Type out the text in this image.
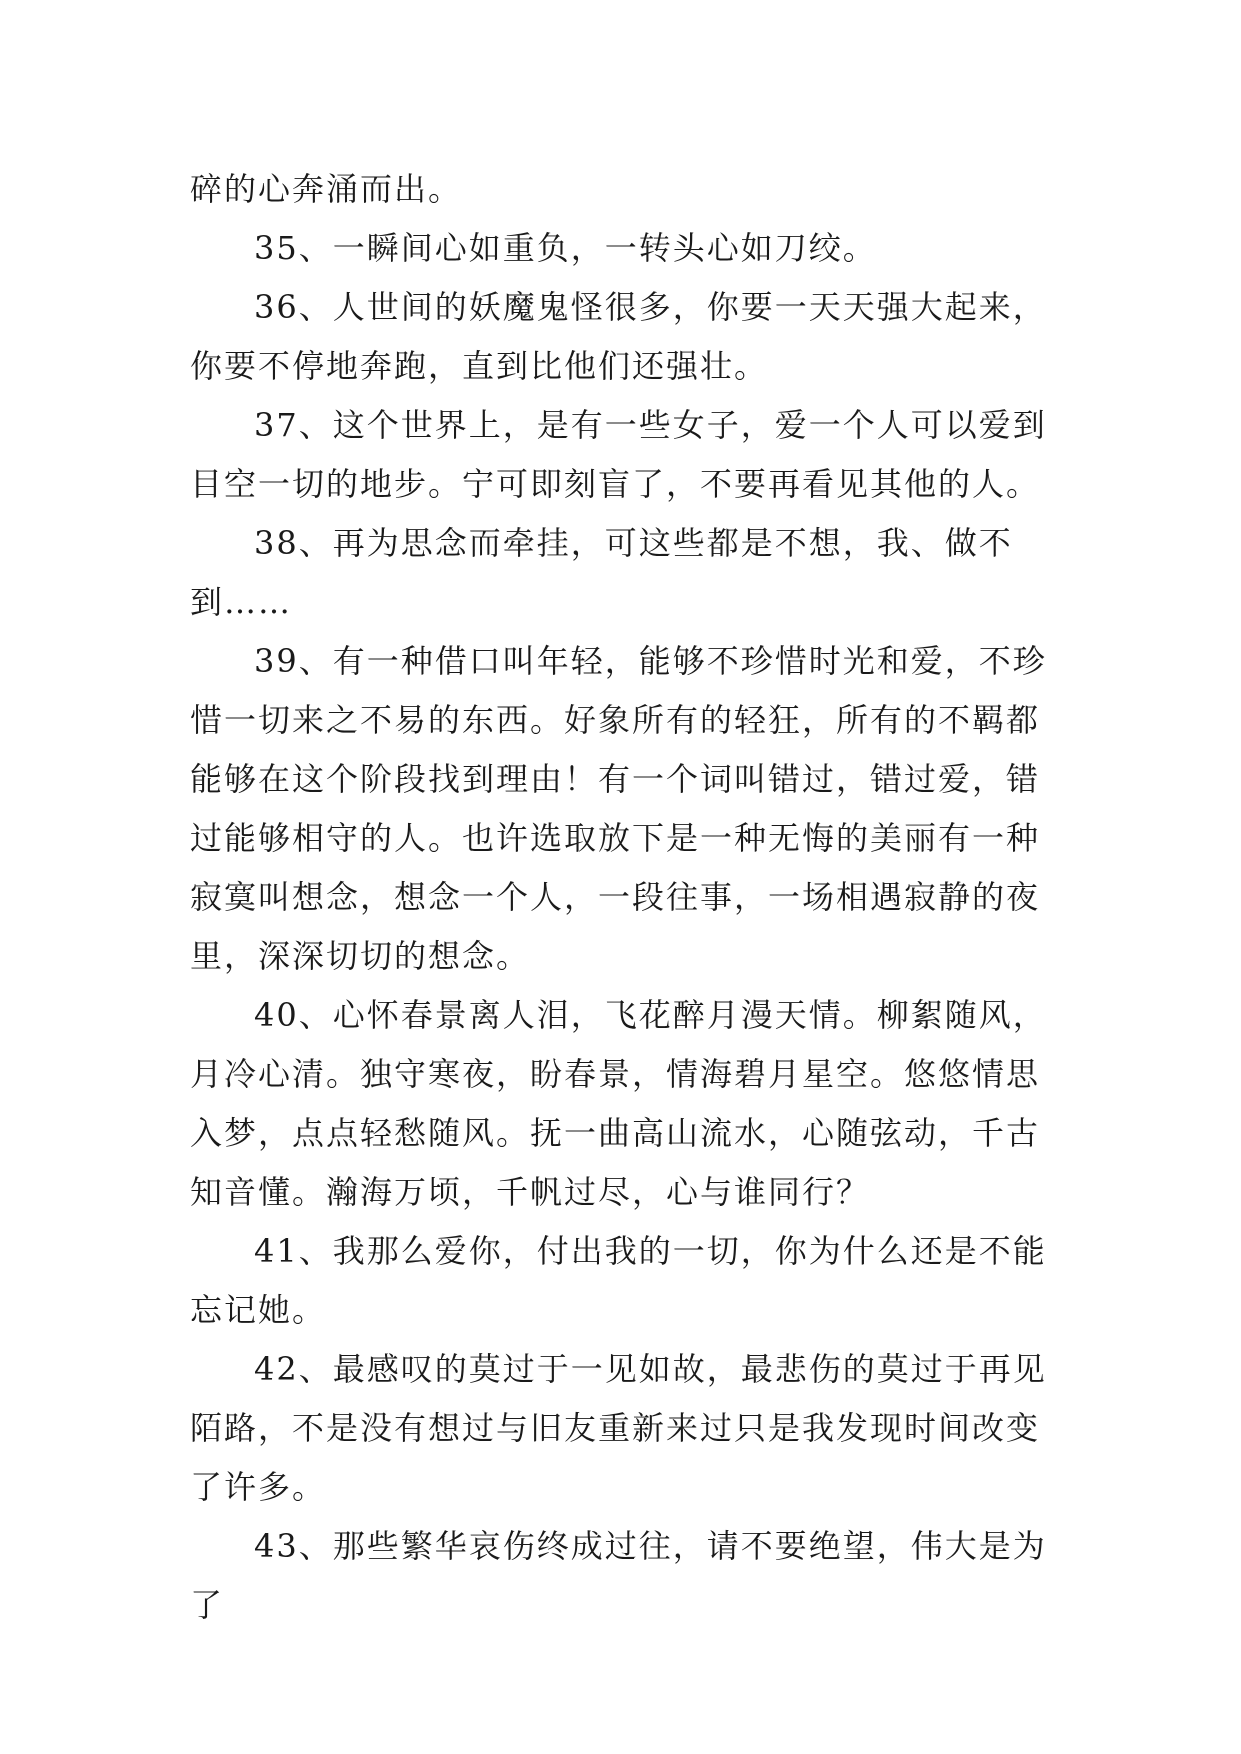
碎的心奔涌而出。

35、一瞬间心如重负，一转头心如刀绞。

36、人世间的妖魔鬼怪很多，你要一天天强大起来，你要不停地奔跑，直到比他们还强壮。

37、这个世界上，是有一些女子，爱一个人可以爱到目空一切的地步。宁可即刻盲了，不要再看见其他的人。

38、再为思念而牵挂，可这些都是不想，我、做不到……

39、有一种借口叫年轻，能够不珍惜时光和爱，不珍惜一切来之不易的东西。好象所有的轻狂，所有的不羁都能够在这个阶段找到理由！有一个词叫错过，错过爱，错过能够相守的人。也许选取放下是一种无悔的美丽有一种寂寞叫想念，想念一个人，一段往事，一场相遇寂静的夜里，深深切切的想念。

40、心怀春景离人泪，飞花醉月漫天情。柳絮随风，月冷心清。独守寒夜，盼春景，情海碧月星空。悠悠情思入梦，点点轻愁随风。抚一曲高山流水，心随弦动，千古知音懂。瀚海万顷，千帆过尽，心与谁同行？

41、我那么爱你，付出我的一切，你为什么还是不能忘记她。

42、最感叹的莫过于一见如故，最悲伤的莫过于再见陌路，不是没有想过与旧友重新来过只是我发现时间改变了许多。

43、那些繁华哀伤终成过往，请不要绝望，伟大是为了
